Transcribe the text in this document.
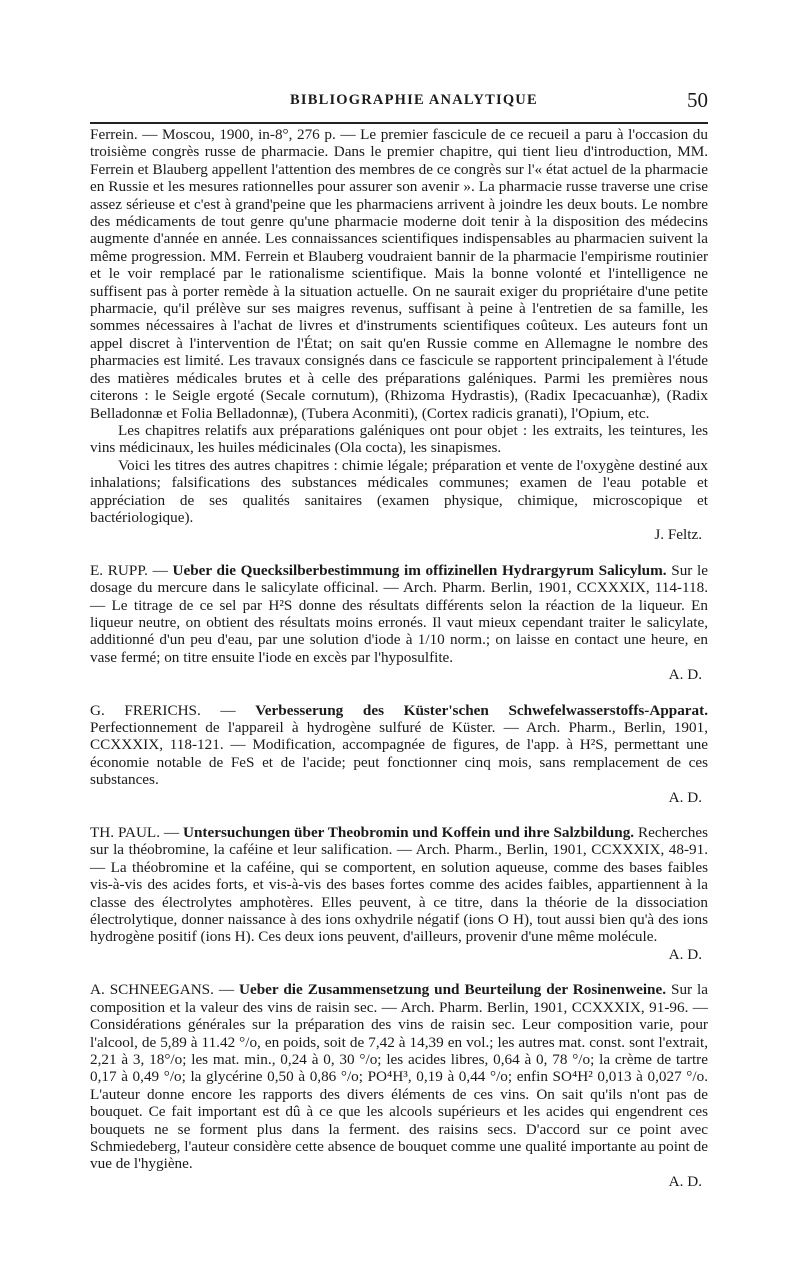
BIBLIOGRAPHIE ANALYTIQUE	50

Ferrein. — Moscou, 1900, in-8°, 276 p. — Le premier fascicule de ce recueil a paru à l'occasion du troisième congrès russe de pharmacie. Dans le premier chapitre, qui tient lieu d'introduction, MM. Ferrein et Blauberg appellent l'attention des membres de ce congrès sur l'« état actuel de la pharmacie en Russie et les mesures rationnelles pour assurer son avenir ». La pharmacie russe traverse une crise assez sérieuse et c'est à grand'peine que les pharmaciens arrivent à joindre les deux bouts. Le nombre des médicaments de tout genre qu'une pharmacie moderne doit tenir à la disposition des médecins augmente d'année en année. Les connaissances scientifiques indispensables au pharmacien suivent la même progression. MM. Ferrein et Blauberg voudraient bannir de la pharmacie l'empirisme routinier et le voir remplacé par le rationalisme scientifique. Mais la bonne volonté et l'intelligence ne suffisent pas à porter remède à la situation actuelle. On ne saurait exiger du propriétaire d'une petite pharmacie, qu'il prélève sur ses maigres revenus, suffisant à peine à l'entretien de sa famille, les sommes nécessaires à l'achat de livres et d'instruments scientifiques coûteux. Les auteurs font un appel discret à l'intervention de l'État; on sait qu'en Russie comme en Allemagne le nombre des pharmacies est limité. Les travaux consignés dans ce fascicule se rapportent principalement à l'étude des matières médicales brutes et à celle des préparations galéniques. Parmi les premières nous citerons : le Seigle ergoté (Secale cornutum), (Rhizoma Hydrastis), (Radix Ipecacuanhæ), (Radix Belladonnæ et Folia Belladonnæ), (Tubera Aconmiti), (Cortex radicis granati), l'Opium, etc.

Les chapitres relatifs aux préparations galéniques ont pour objet : les extraits, les teintures, les vins médicinaux, les huiles médicinales (Ola cocta), les sinapismes.

Voici les titres des autres chapitres : chimie légale; préparation et vente de l'oxygène destiné aux inhalations; falsifications des substances médicales communes; examen de l'eau potable et appréciation de ses qualités sanitaires (examen physique, chimique, microscopique et bactériologique).

J. Feltz.

E. RUPP. — Ueber die Quecksilberbestimmung im offizinellen Hydrargyrum Salicylum. Sur le dosage du mercure dans le salicylate officinal. — Arch. Pharm. Berlin, 1901, CCXXXIX, 114-118. — Le titrage de ce sel par H²S donne des résultats différents selon la réaction de la liqueur. En liqueur neutre, on obtient des résultats moins erronés. Il vaut mieux cependant traiter le salicylate, additionné d'un peu d'eau, par une solution d'iode à 1/10 norm.; on laisse en contact une heure, en vase fermé; on titre ensuite l'iode en excès par l'hyposulfite.

A. D.

G. FRERICHS. — Verbesserung des Küster'schen Schwefelwasserstoffs-Apparat. Perfectionnement de l'appareil à hydrogène sulfuré de Küster. — Arch. Pharm., Berlin, 1901, CCXXXIX, 118-121. — Modification, accompagnée de figures, de l'app. à H²S, permettant une économie notable de FeS et de l'acide; peut fonctionner cinq mois, sans remplacement de ces substances.

A. D.

TH. PAUL. — Untersuchungen über Theobromin und Koffein und ihre Salzbildung. Recherches sur la théobromine, la caféine et leur salification. — Arch. Pharm., Berlin, 1901, CCXXXIX, 48-91. — La théobromine et la caféine, qui se comportent, en solution aqueuse, comme des bases faibles vis-à-vis des acides forts, et vis-à-vis des bases fortes comme des acides faibles, appartiennent à la classe des électrolytes amphotères. Elles peuvent, à ce titre, dans la théorie de la dissociation électrolytique, donner naissance à des ions oxhydrile négatif (ions O H), tout aussi bien qu'à des ions hydrogène positif (ions H). Ces deux ions peuvent, d'ailleurs, provenir d'une même molécule.

A. D.

A. SCHNEEGANS. — Ueber die Zusammensetzung und Beurteilung der Rosinenweine. Sur la composition et la valeur des vins de raisin sec. — Arch. Pharm. Berlin, 1901, CCXXXIX, 91-96. — Considérations générales sur la préparation des vins de raisin sec. Leur composition varie, pour l'alcool, de 5,89 à 11.42 °/o, en poids, soit de 7,42 à 14,39 en vol.; les autres mat. const. sont l'extrait, 2,21 à 3, 18°/o; les mat. min., 0,24 à 0, 30 °/o; les acides libres, 0,64 à 0, 78 °/o; la crème de tartre 0,17 à 0,49 °/o; la glycérine 0,50 à 0,86 °/o; PO⁴H³, 0,19 à 0,44 °/o; enfin SO⁴H² 0,013 à 0,027 °/o. L'auteur donne encore les rapports des divers éléments de ces vins. On sait qu'ils n'ont pas de bouquet. Ce fait important est dû à ce que les alcools supérieurs et les acides qui engendrent ces bouquets ne se forment plus dans la ferment. des raisins secs. D'accord sur ce point avec Schmiedeberg, l'auteur considère cette absence de bouquet comme une qualité importante au point de vue de l'hygiène.

A. D.
